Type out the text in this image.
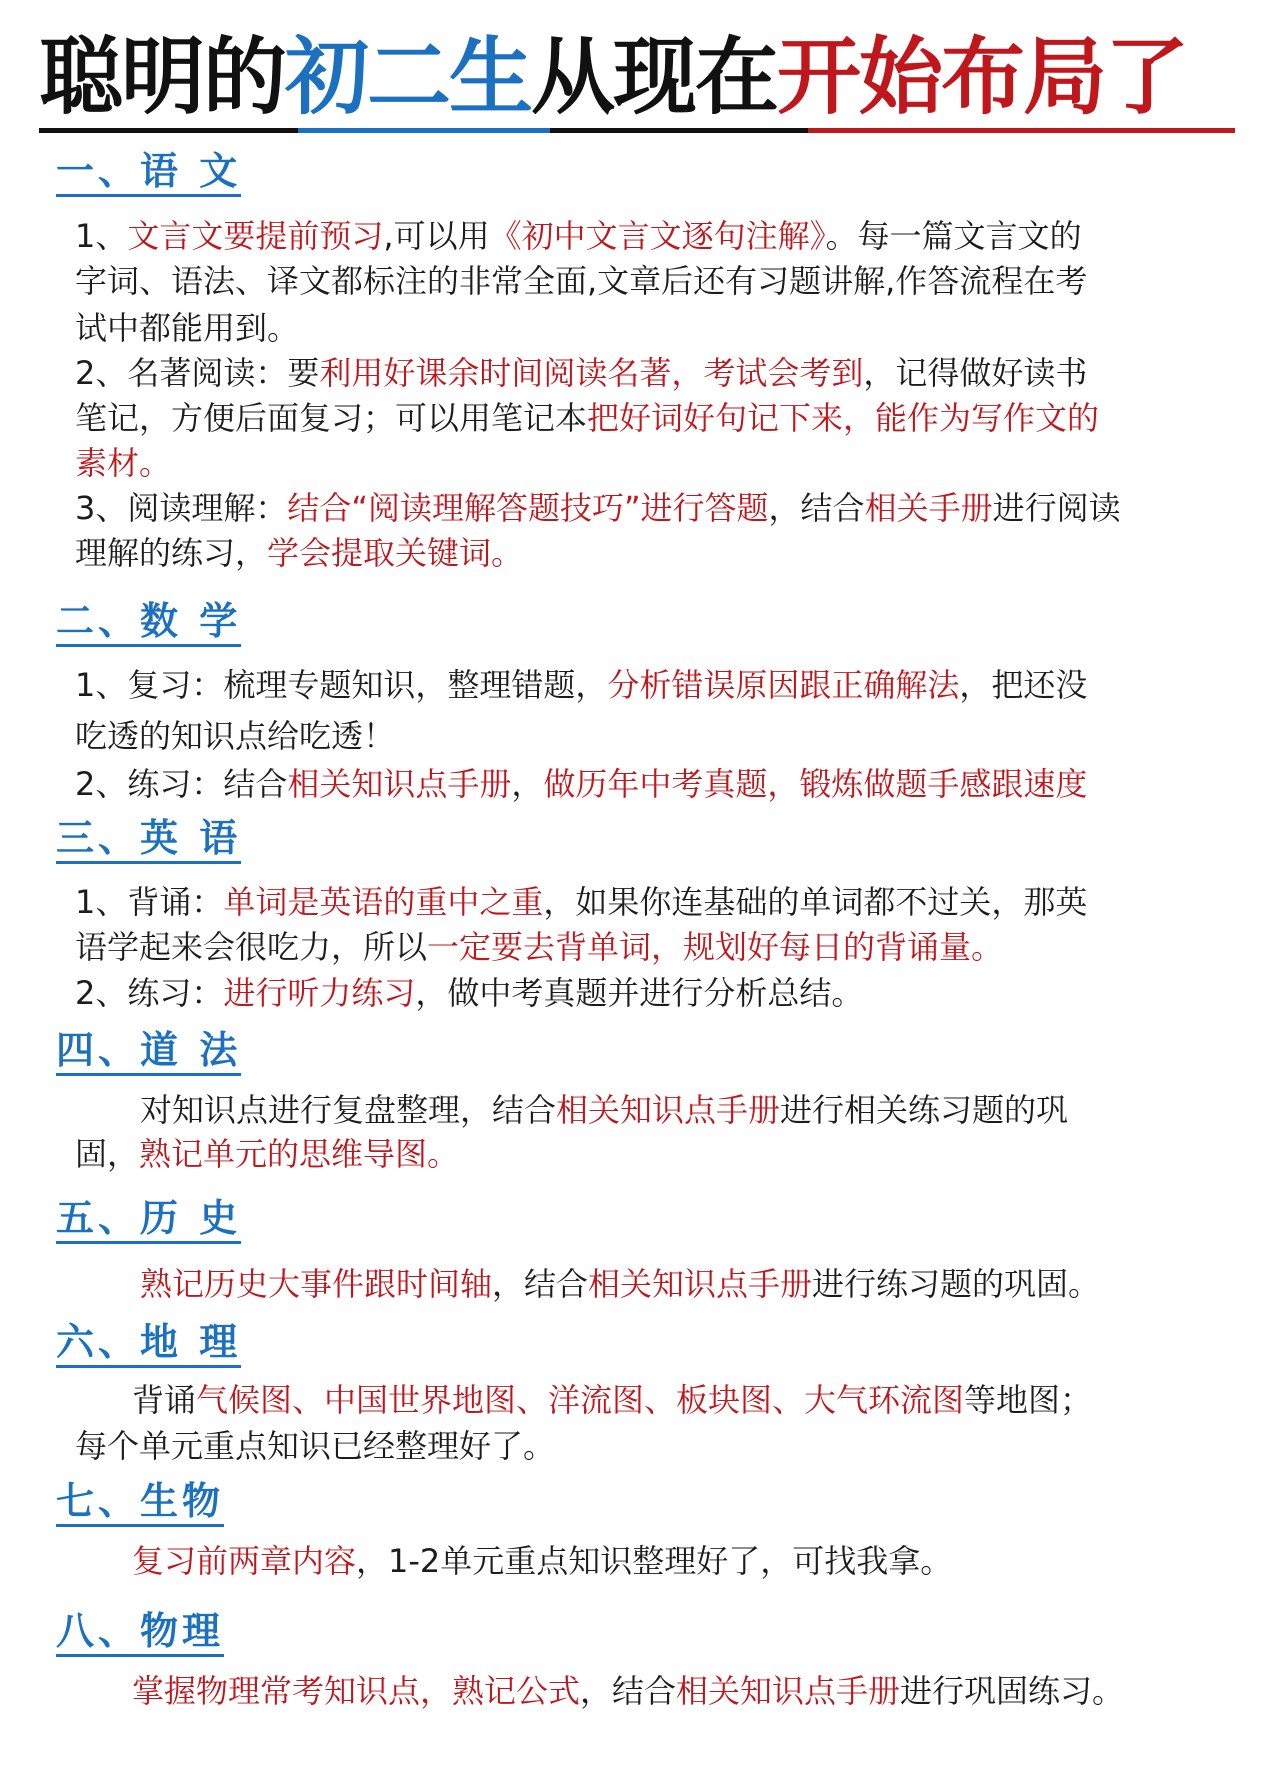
聪明的初二生从现在开始布局了
一、语 文
1、文言文要提前预习,可以用《初中文言文逐句注解》。每一篇文言文的
字词、语法、译文都标注的非常全面,文章后还有习题讲解,作答流程在考
试中都能用到。
2、名著阅读：要利用好课余时间阅读名著，考试会考到，记得做好读书
笔记，方便后面复习；可以用笔记本把好词好句记下来，能作为写作文的
素材。
3、阅读理解：结合“阅读理解答题技巧”进行答题，结合相关手册进行阅读
理解的练习，学会提取关键词。
二、数 学
1、复习：梳理专题知识，整理错题，分析错误原因跟正确解法，把还没
吃透的知识点给吃透！
2、练习：结合相关知识点手册，做历年中考真题，锻炼做题手感跟速度
三、英 语
1、背诵：单词是英语的重中之重，如果你连基础的单词都不过关，那英
语学起来会很吃力，所以一定要去背单词，规划好每日的背诵量。
2、练习：进行听力练习，做中考真题并进行分析总结。
四、道 法
对知识点进行复盘整理，结合相关知识点手册进行相关练习题的巩
固，熟记单元的思维导图。
五、历 史
熟记历史大事件跟时间轴，结合相关知识点手册进行练习题的巩固。
六、地 理
背诵气候图、中国世界地图、洋流图、板块图、大气环流图等地图；
每个单元重点知识已经整理好了。
七、生物
复习前两章内容，1-2单元重点知识整理好了，可找我拿。
八、物理
掌握物理常考知识点，熟记公式，结合相关知识点手册进行巩固练习。
